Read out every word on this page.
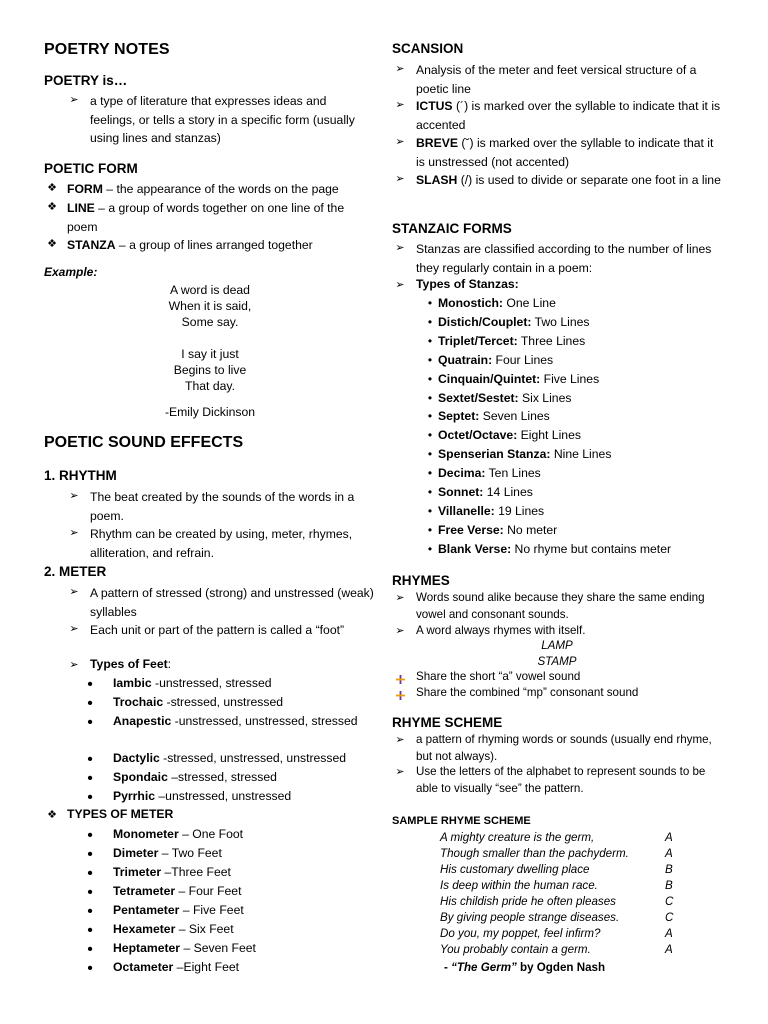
POETRY NOTES
POETRY is…
➢ a type of literature that expresses ideas and feelings, or tells a story in a specific form (usually using lines and stanzas)
POETIC FORM
❖ FORM – the appearance of the words on the page
❖ LINE – a group of words together on one line of the poem
❖ STANZA – a group of lines arranged together
Example:
A word is dead
When it is said,
Some say.
I say it just
Begins to live
That day.
-Emily Dickinson
POETIC SOUND EFFECTS
1. RHYTHM
➢ The beat created by the sounds of the words in a poem.
➢ Rhythm can be created by using, meter, rhymes, alliteration, and refrain.
2. METER
➢ A pattern of stressed (strong) and unstressed (weak) syllables
➢ Each unit or part of the pattern is called a “foot”
➢ Types of Feet:
•	Iambic -unstressed, stressed
•	Trochaic -stressed, unstressed
•	Anapestic -unstressed, unstressed, stressed
•	Dactylic -stressed, unstressed, unstressed
•	Spondaic –stressed, stressed
•	Pyrrhic –unstressed, unstressed
❖ TYPES OF METER
•	Monometer – One Foot
•	Dimeter – Two Feet
•	Trimeter –Three Feet
•	Tetrameter – Four Feet
•	Pentameter – Five Feet
•	Hexameter – Six Feet
•	Heptameter – Seven Feet
•	Octameter –Eight Feet
SCANSION
➢ Analysis of the meter and feet versical structure of a poetic line
➢ ICTUS (´) is marked over the syllable to indicate that it is accented
➢ BREVE (˘) is marked over the syllable to indicate that it is unstressed (not accented)
➢ SLASH (/) is used to divide or separate one foot in a line
STANZAIC FORMS
➢ Stanzas are classified according to the number of lines they regularly contain in a poem:
➢ Types of Stanzas:
• Monostich: One Line
• Distich/Couplet: Two Lines
• Triplet/Tercet: Three Lines
• Quatrain: Four Lines
• Cinquain/Quintet: Five Lines
• Sextet/Sestet: Six Lines
• Septet: Seven Lines
• Octet/Octave: Eight Lines
• Spenserian Stanza: Nine Lines
• Decima: Ten Lines
• Sonnet: 14 Lines
• Villanelle: 19 Lines
• Free Verse: No meter
• Blank Verse: No rhyme but contains meter
RHYMES
➢ Words sound alike because they share the same ending vowel and consonant sounds.
➢ A word always rhymes with itself.
LAMP
STAMP
Share the short “a” vowel sound
Share the combined “mp” consonant sound
RHYME SCHEME
➢ a pattern of rhyming words or sounds (usually end rhyme, but not always).
➢ Use the letters of the alphabet to represent sounds to be able to visually “see” the pattern.
SAMPLE RHYME SCHEME
A mighty creature is the germ,	A
Though smaller than the pachyderm.	A
His customary dwelling place	B
Is deep within the human race.	B
His childish pride he often pleases	C
By giving people strange diseases.	C
Do you, my poppet, feel infirm?	A
You probably contain a germ.	A
- “The Germ” by Ogden Nash
